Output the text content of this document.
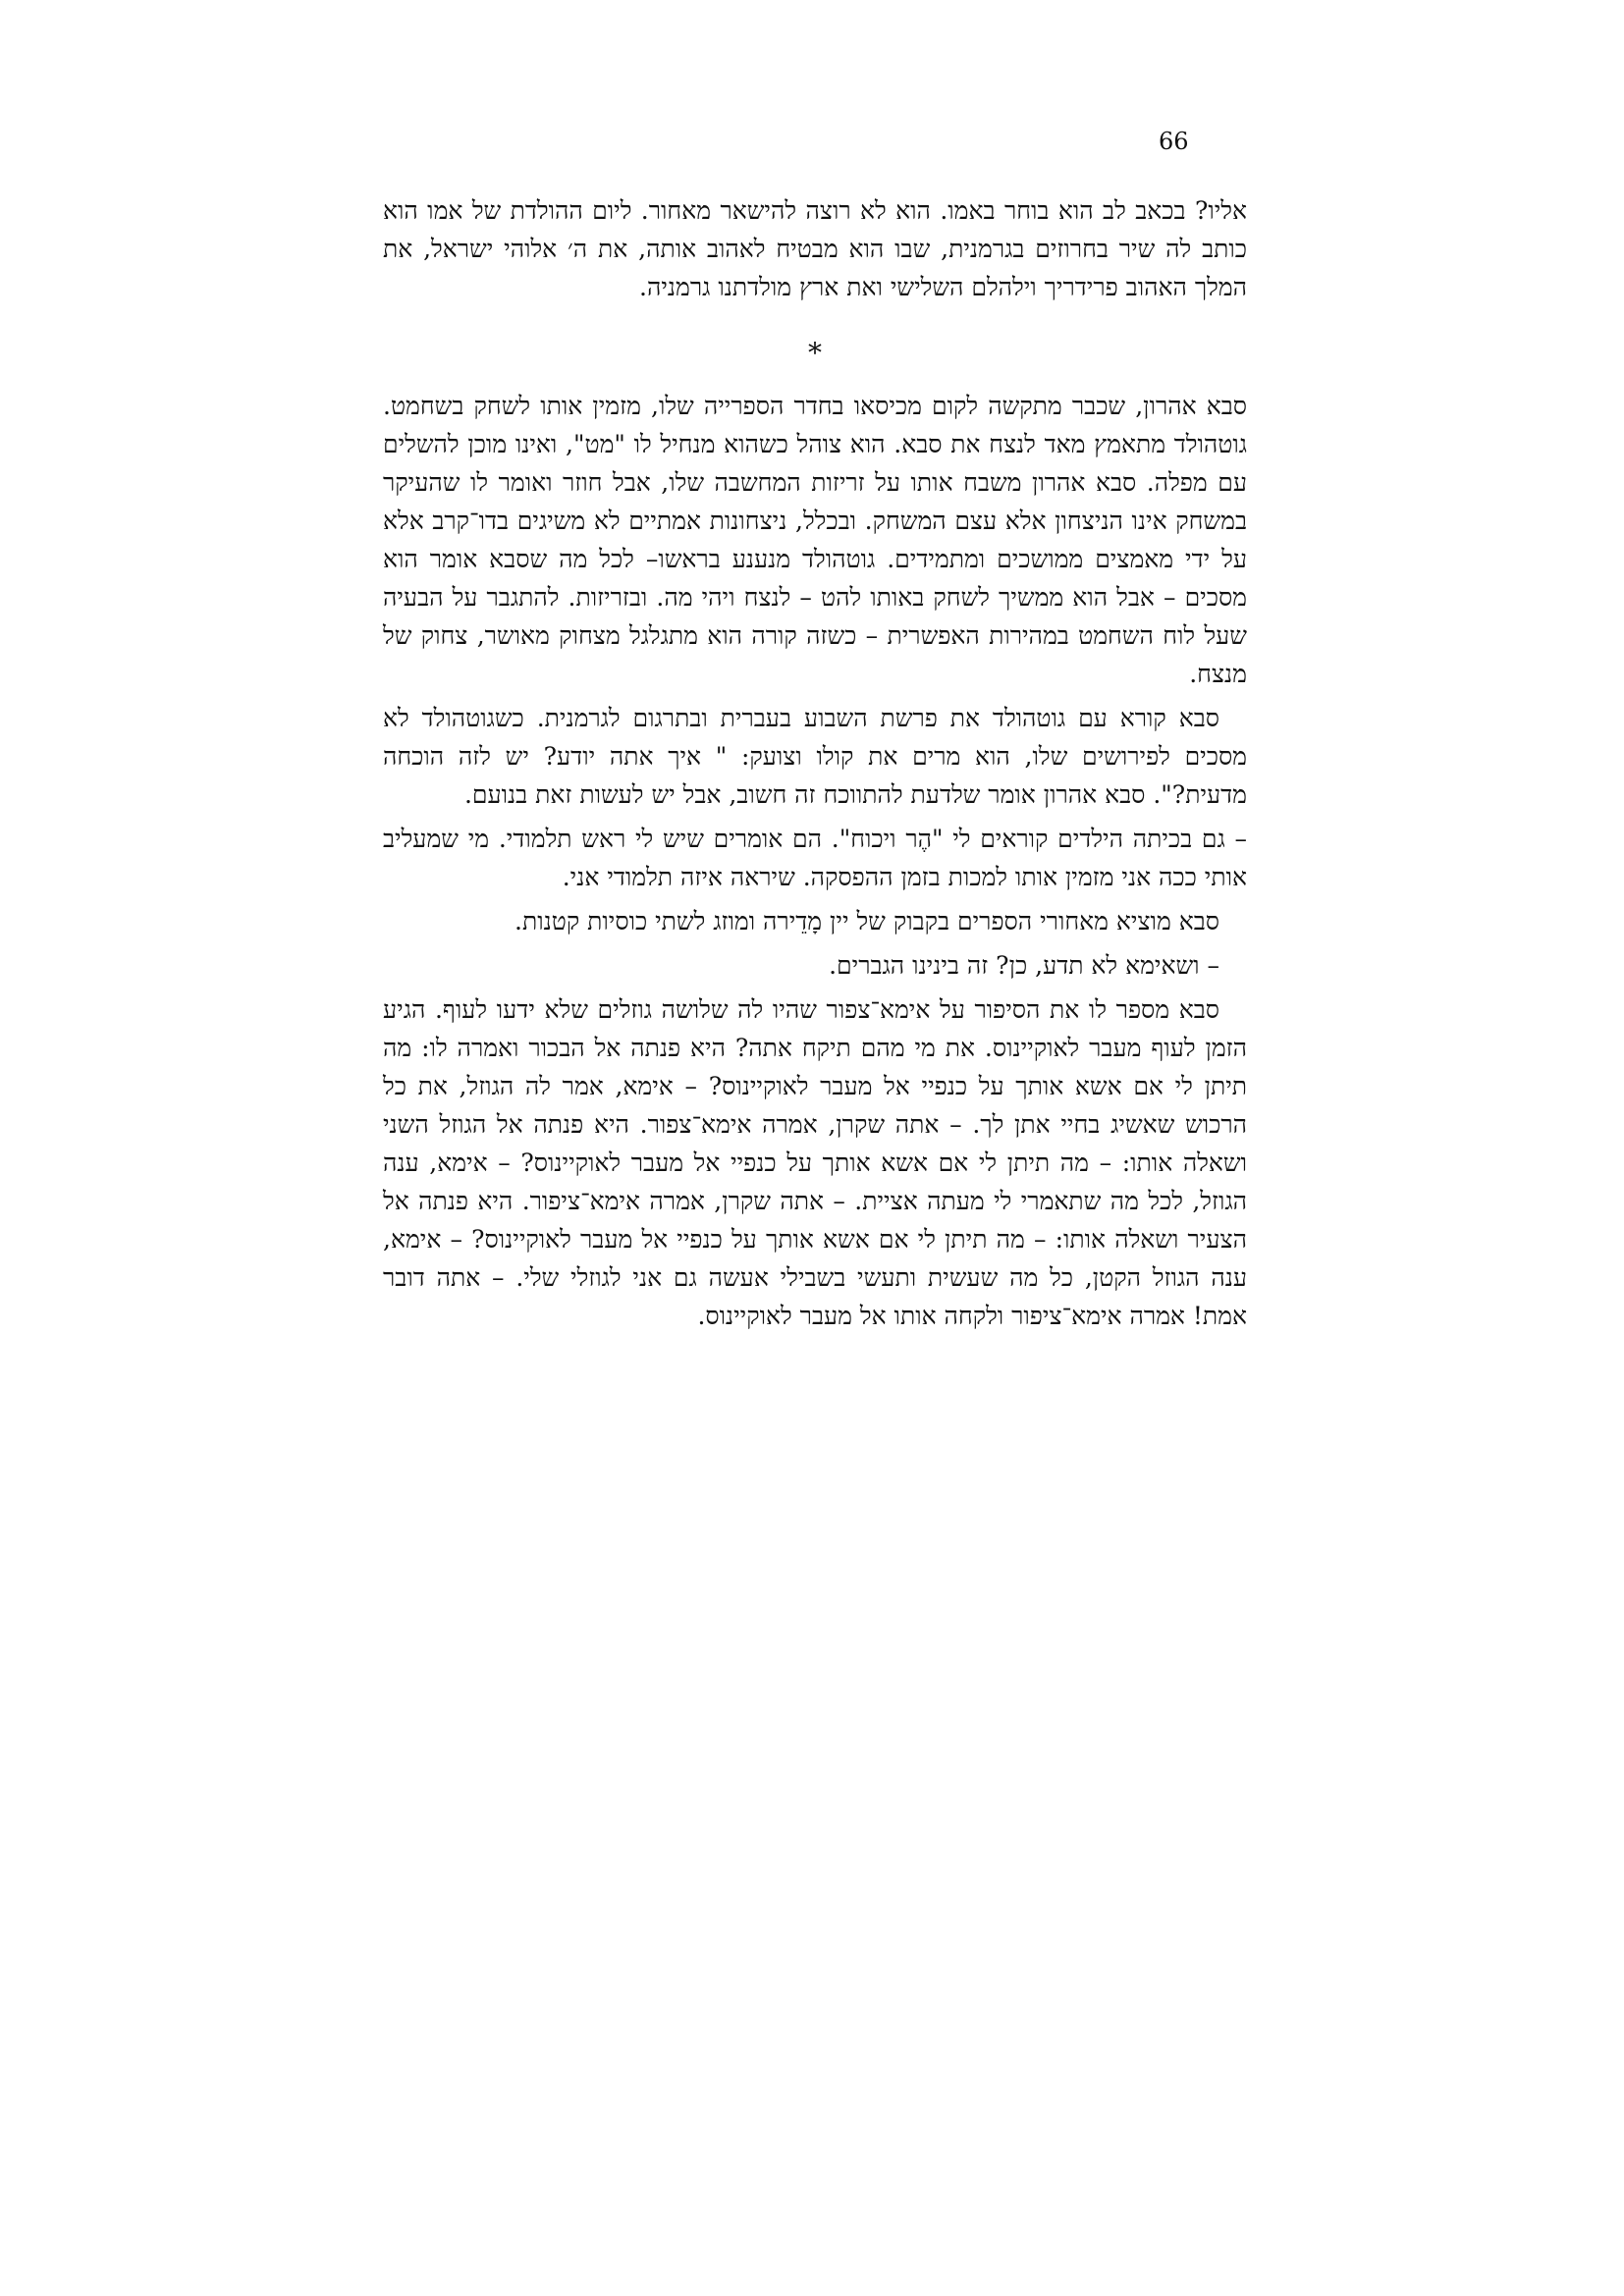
66

אליו? בכאב לב הוא בוחר באמו. הוא לא רוצה להישאר מאחור. ליום ההולדת של אמו הוא כותב לה שיר בחרוזים בגרמנית, שבו הוא מבטיח לאהוב אותה, את ה׳ אלוהי ישראל, את המלך האהוב פרידריך וילהלם השלישי ואת ארץ מולדתנו גרמניה.

*

סבא אהרון, שכבר מתקשה לקום מכיסאו בחדר הספרייה שלו, מזמין אותו לשחק בשחמט. גוטהולד מתאמץ מאד לנצח את סבא. הוא צוהל כשהוא מנחיל לו "מט", ואינו מוכן להשלים עם מפלה. סבא אהרון משבח אותו על זריזות המחשבה שלו, אבל חוזר ואומר לו שהעיקר במשחק אינו הניצחון אלא עצם המשחק. ובכלל, ניצחונות אמתיים לא משיגים בדו־קרב אלא על ידי מאמצים ממושכים ומתמידים. גוטהולד מנענע בראשו– לכל מה שסבא אומר הוא מסכים – אבל הוא ממשיך לשחק באותו להט – לנצח ויהי מה. ובזריזות. להתגבר על הבעיה שעל לוח השחמט במהירות האפשרית – כשזה קורה הוא מתגלגל מצחוק מאושר, צחוק של מנצח.

סבא קורא עם גוטהולד את פרשת השבוע בעברית ובתרגום לגרמנית. כשגוטהולד לא מסכים לפירושים שלו, הוא מרים את קולו וצועק: " איך אתה יודע? יש לזה הוכחה מדעית?". סבא אהרון אומר שלדעת להתווכח זה חשוב, אבל יש לעשות זאת בנועם.

– גם בכיתה הילדים קוראים לי "הֶר ויכוח". הם אומרים שיש לי ראש תלמודי. מי שמעליב אותי ככה אני מזמין אותו למכות בזמן ההפסקה. שיראה איזה תלמודי אני.

סבא מוציא מאחורי הספרים בקבוק של יין מָדֵירה ומוזג לשתי כוסיות קטנות.

– ושאימא לא תדע, כן? זה בינינו הגברים.

סבא מספר לו את הסיפור על אימא־צפור שהיו לה שלושה גוזלים שלא ידעו לעוף. הגיע הזמן לעוף מעבר לאוקיינוס. את מי מהם תיקח אתה? היא פנתה אל הבכור ואמרה לו: מה תיתן לי אם אשא אותך על כנפיי אל מעבר לאוקיינוס? – אימא, אמר לה הגוזל, את כל הרכוש שאשיג בחיי אתן לך. – אתה שקרן, אמרה אימא־צפור. היא פנתה אל הגוזל השני ושאלה אותו: – מה תיתן לי אם אשא אותך על כנפיי אל מעבר לאוקיינוס? – אימא, ענה הגוזל, לכל מה שתאמרי לי מעתה אציית. – אתה שקרן, אמרה אימא־ציפור. היא פנתה אל הצעיר ושאלה אותו: – מה תיתן לי אם אשא אותך על כנפיי אל מעבר לאוקיינוס? – אימא, ענה הגוזל הקטן, כל מה שעשית ותעשי בשבילי אעשה גם אני לגוזלי שלי. – אתה דובר אמת! אמרה אימא־ציפור ולקחה אותו אל מעבר לאוקיינוס.
